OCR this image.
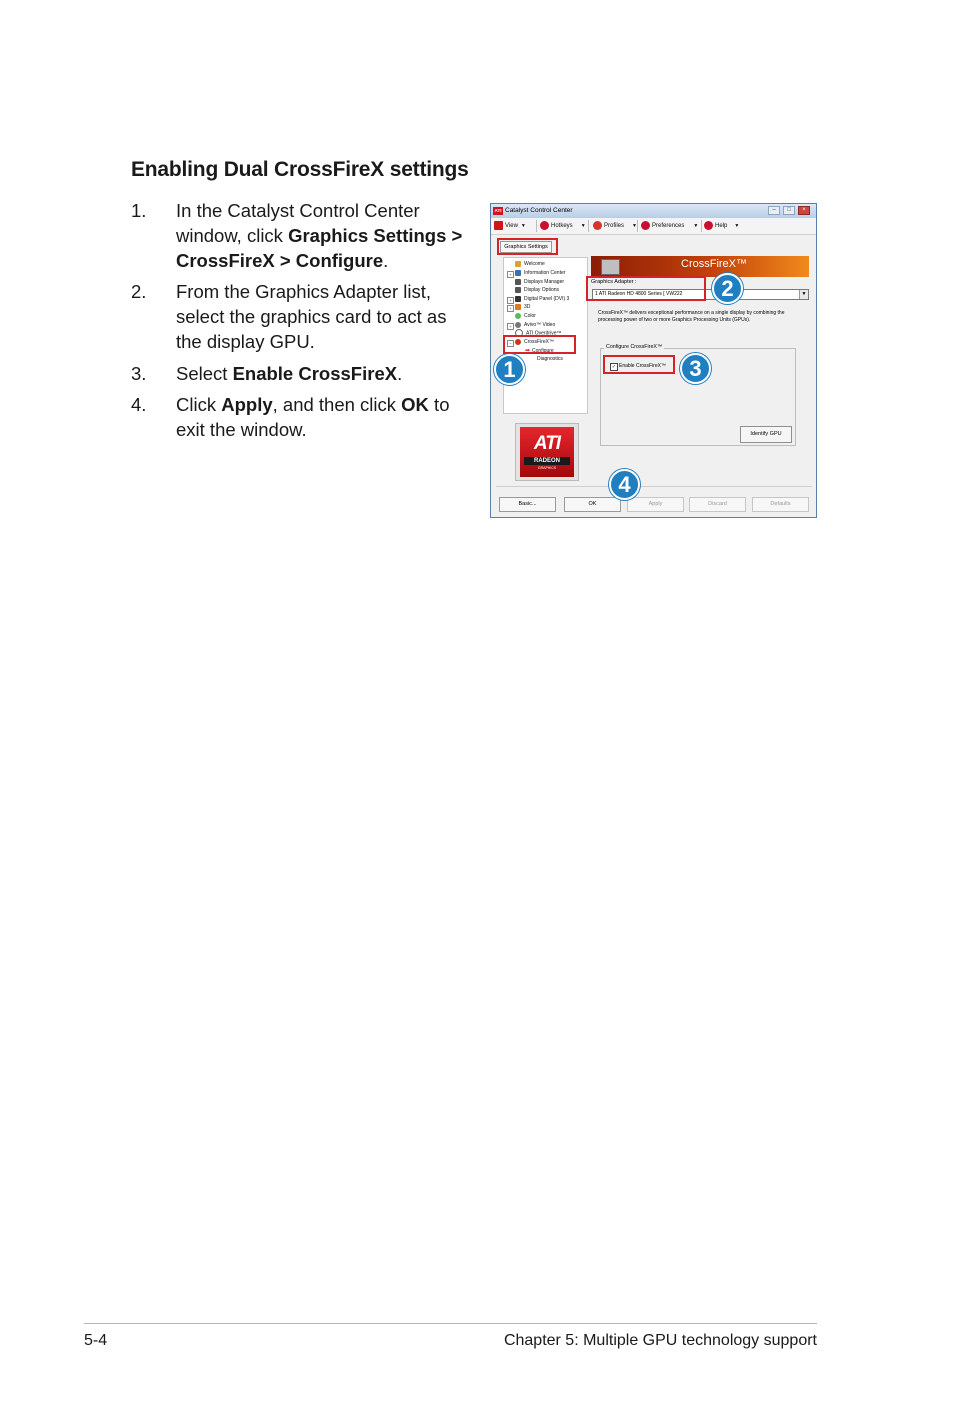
Enabling Dual CrossFireX settings
1. In the Catalyst Control Center window, click Graphics Settings > CrossFireX > Configure.
2. From the Graphics Adapter list, select the graphics card to act as the display GPU.
3. Select Enable CrossFireX.
4. Click Apply, and then click OK to exit the window.
ATI Catalyst Control Center	–	□	×
View ▼	Hotkeys ▼	Profiles ▼	Preferences ▼	Help ▼
Graphics Settings
Welcome
+	Information Center
Displays Manager
Display Options
+	Digital Panel (DVI) 3
+	3D
Color
+	Avivo™ Video
ATI Overdrive™
−	CrossFireX™
➡ Configure
Diagnostics
ATI
RADEON
GRAPHICS
CrossFireX™
Graphics Adapter :
1 ATI Radeon HD 4800 Series [ VW222	▼
CrossFireX™ delivers exceptional performance on a single display by combining the processing power of two or more Graphics Processing Units (GPUs).
Configure CrossFireX™
✓ Enable CrossFireX™
Identify GPU
Basic...	OK	Apply	Discard	Defaults
1
2
3
4
5-4	Chapter 5: Multiple GPU technology support
